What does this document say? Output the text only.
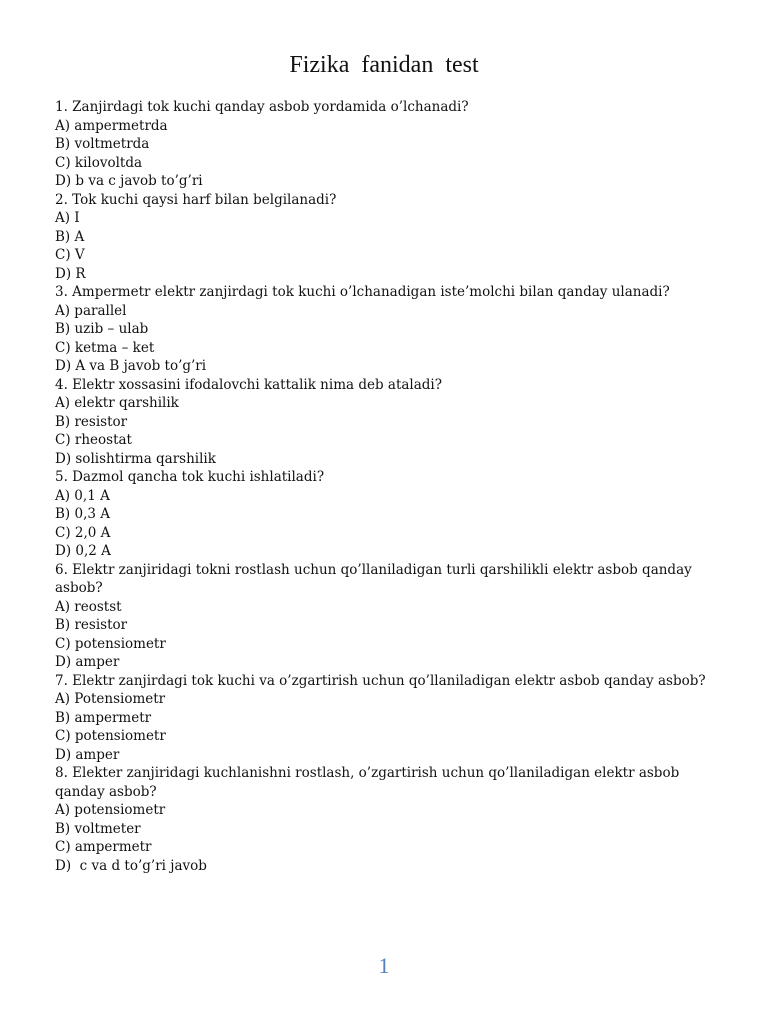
Fizika fanidan test
1. Zanjirdagi tok kuchi qanday asbob yordamida o’lchanadi?
A) ampermetrda
B) voltmetrda
C) kilovoltda
D) b va c javob to’g’ri
2. Tok kuchi qaysi harf bilan belgilanadi?
A) I
B) A
C) V
D) R
3. Ampermetr elektr zanjirdagi tok kuchi o’lchanadigan iste’molchi bilan qanday ulanadi?
A) parallel
B) uzib – ulab
C) ketma – ket
D) A va B javob to’g’ri
4. Elektr xossasini ifodalovchi kattalik nima deb ataladi?
A) elektr qarshilik
B) resistor
C) rheostat
D) solishtirma qarshilik
5. Dazmol qancha tok kuchi ishlatiladi?
A) 0,1 A
B) 0,3 A
C) 2,0 A
D) 0,2 A
6. Elektr zanjiridagi tokni rostlash uchun qo’llaniladigan turli qarshilikli elektr asbob qanday asbob?
A) reostst
B) resistor
C) potensiometr
D) amper
7. Elektr zanjirdagi tok kuchi va o’zgartirish uchun qo’llaniladigan elektr asbob qanday asbob?
A) Potensiometr
B) ampermetr
C) potensiometr
D) amper
8. Elekter zanjiridagi kuchlanishni rostlash, o’zgartirish uchun qo’llaniladigan elektr asbob qanday asbob?
A) potensiometr
B) voltmeter
C) ampermetr
D)  c va d to’g’ri javob
1
